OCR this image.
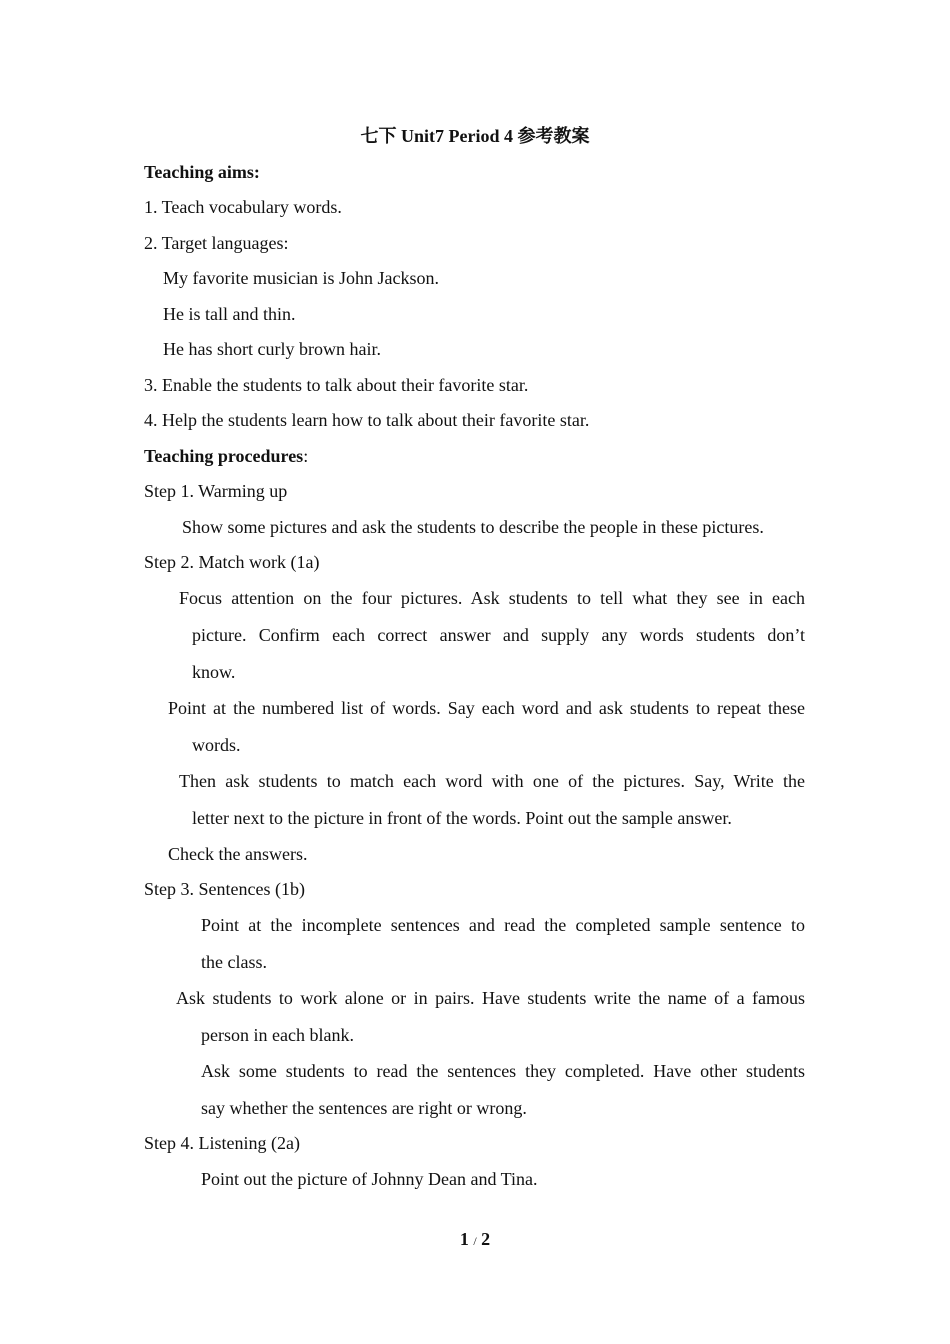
七下 Unit7 Period 4 参考教案
Teaching aims:
1. Teach vocabulary words.
2. Target languages:
My favorite musician is John Jackson.
He is tall and thin.
He has short curly brown hair.
3. Enable the students to talk about their favorite star.
4. Help the students learn how to talk about their favorite star.
Teaching procedures:
Step 1. Warming up
Show some pictures and ask the students to describe the people in these pictures.
Step 2. Match work (1a)
Focus attention on the four pictures. Ask students to tell what they see in each
picture. Confirm each correct answer and supply any words students don’t
know.
Point at the numbered list of words. Say each word and ask students to repeat these
words.
Then ask students to match each word with one of the pictures. Say, Write the
letter next to the picture in front of the words. Point out the sample answer.
Check the answers.
Step 3. Sentences (1b)
Point at the incomplete sentences and read the completed sample sentence to
the class.
Ask students to work alone or in pairs. Have students write the name of a famous
person in each blank.
Ask some students to read the sentences they completed. Have other students
say whether the sentences are right or wrong.
Step 4. Listening (2a)
Point out the picture of Johnny Dean and Tina.
1 / 2
